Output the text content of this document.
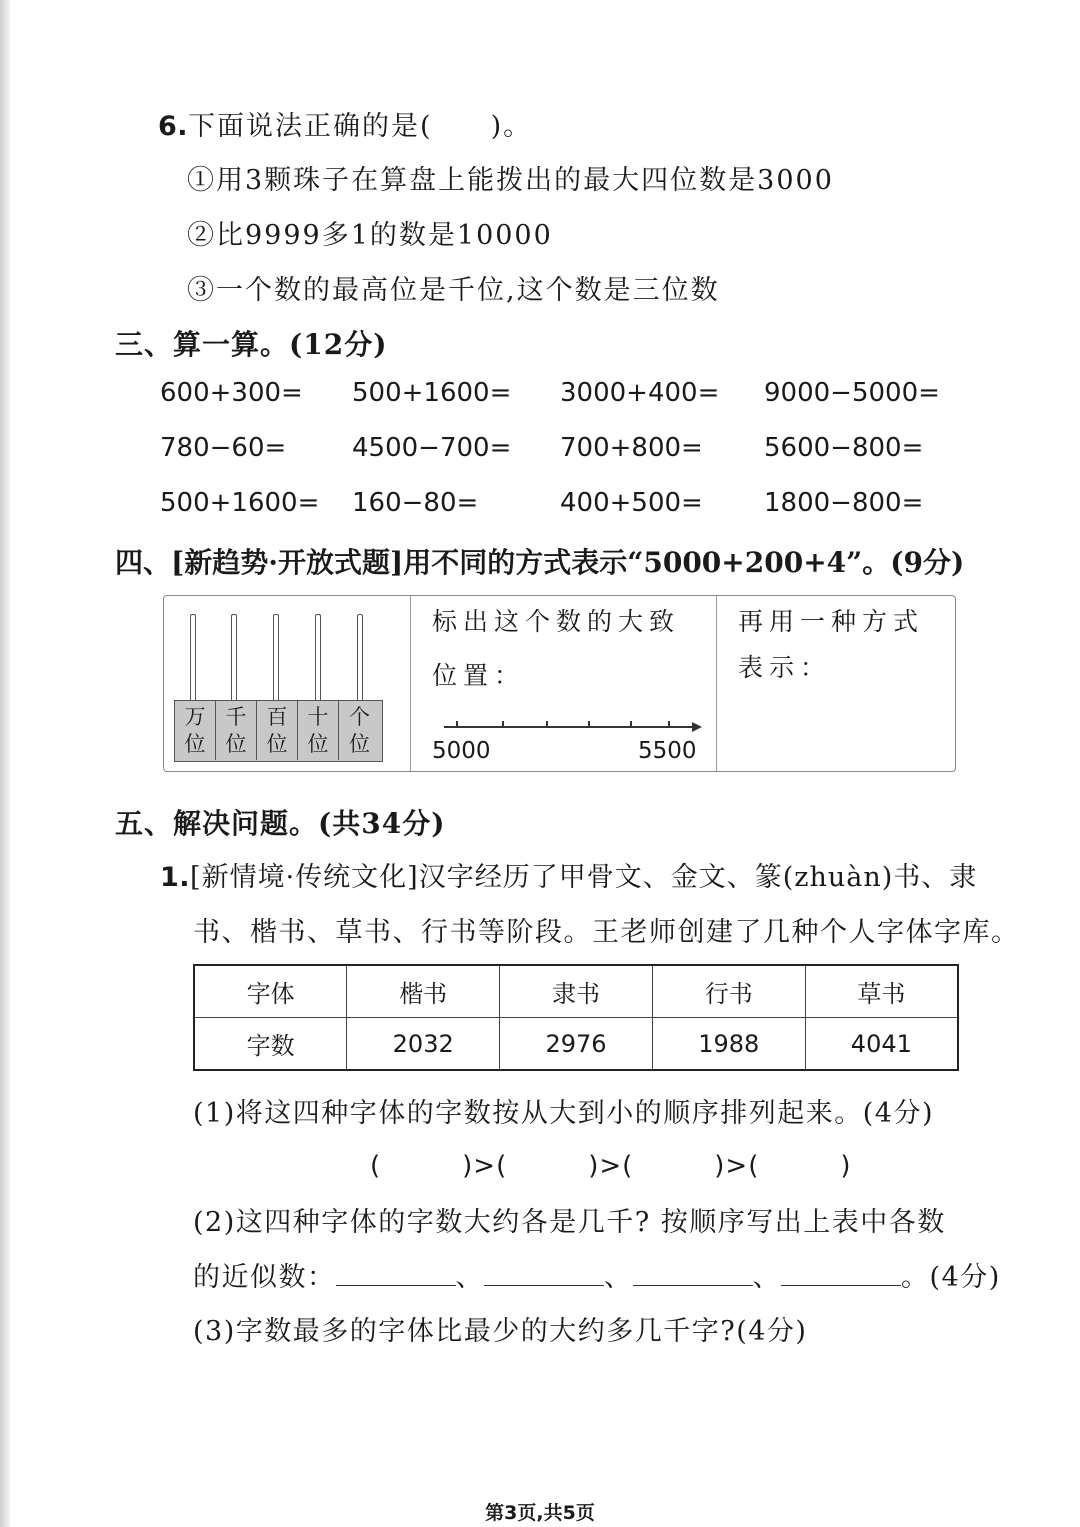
6.下面说法正确的是(　　)。
①用3颗珠子在算盘上能拨出的最大四位数是3000
②比9999多1的数是10000
③一个数的最高位是千位,这个数是三位数
三、算一算。(12分)
600+300= 500+1600= 3000+400= 9000−5000=
780−60=	4500−700= 700+800= 5600−800=
500+1600= 160−80=	400+500= 1800−800=
四、[新趋势·开放式题]用不同的方式表示“5000+200+4”。(9分)
万
位
千
位
百
位
十
位
个
位
标出这个数的大致
位置：
5000	5500
再用一种方式
表示：
五、解决问题。(共34分)
1.[新情境·传统文化]汉字经历了甲骨文、金文、篆(zhuàn)书、隶
书、楷书、草书、行书等阶段。王老师创建了几种个人字体字库。
字体	楷书	隶书	行书	草书
字数	2032	2976	1988	4041
(1)将这四种字体的字数按从大到小的顺序排列起来。(4分)
(　　　)>(　　　)>(　　　)>(　　　)
(2)这四种字体的字数大约各是几千? 按顺序写出上表中各数
的近似数：	、	、	、	。(4分)
(3)字数最多的字体比最少的大约多几千字?(4分)
第3页,共5页
